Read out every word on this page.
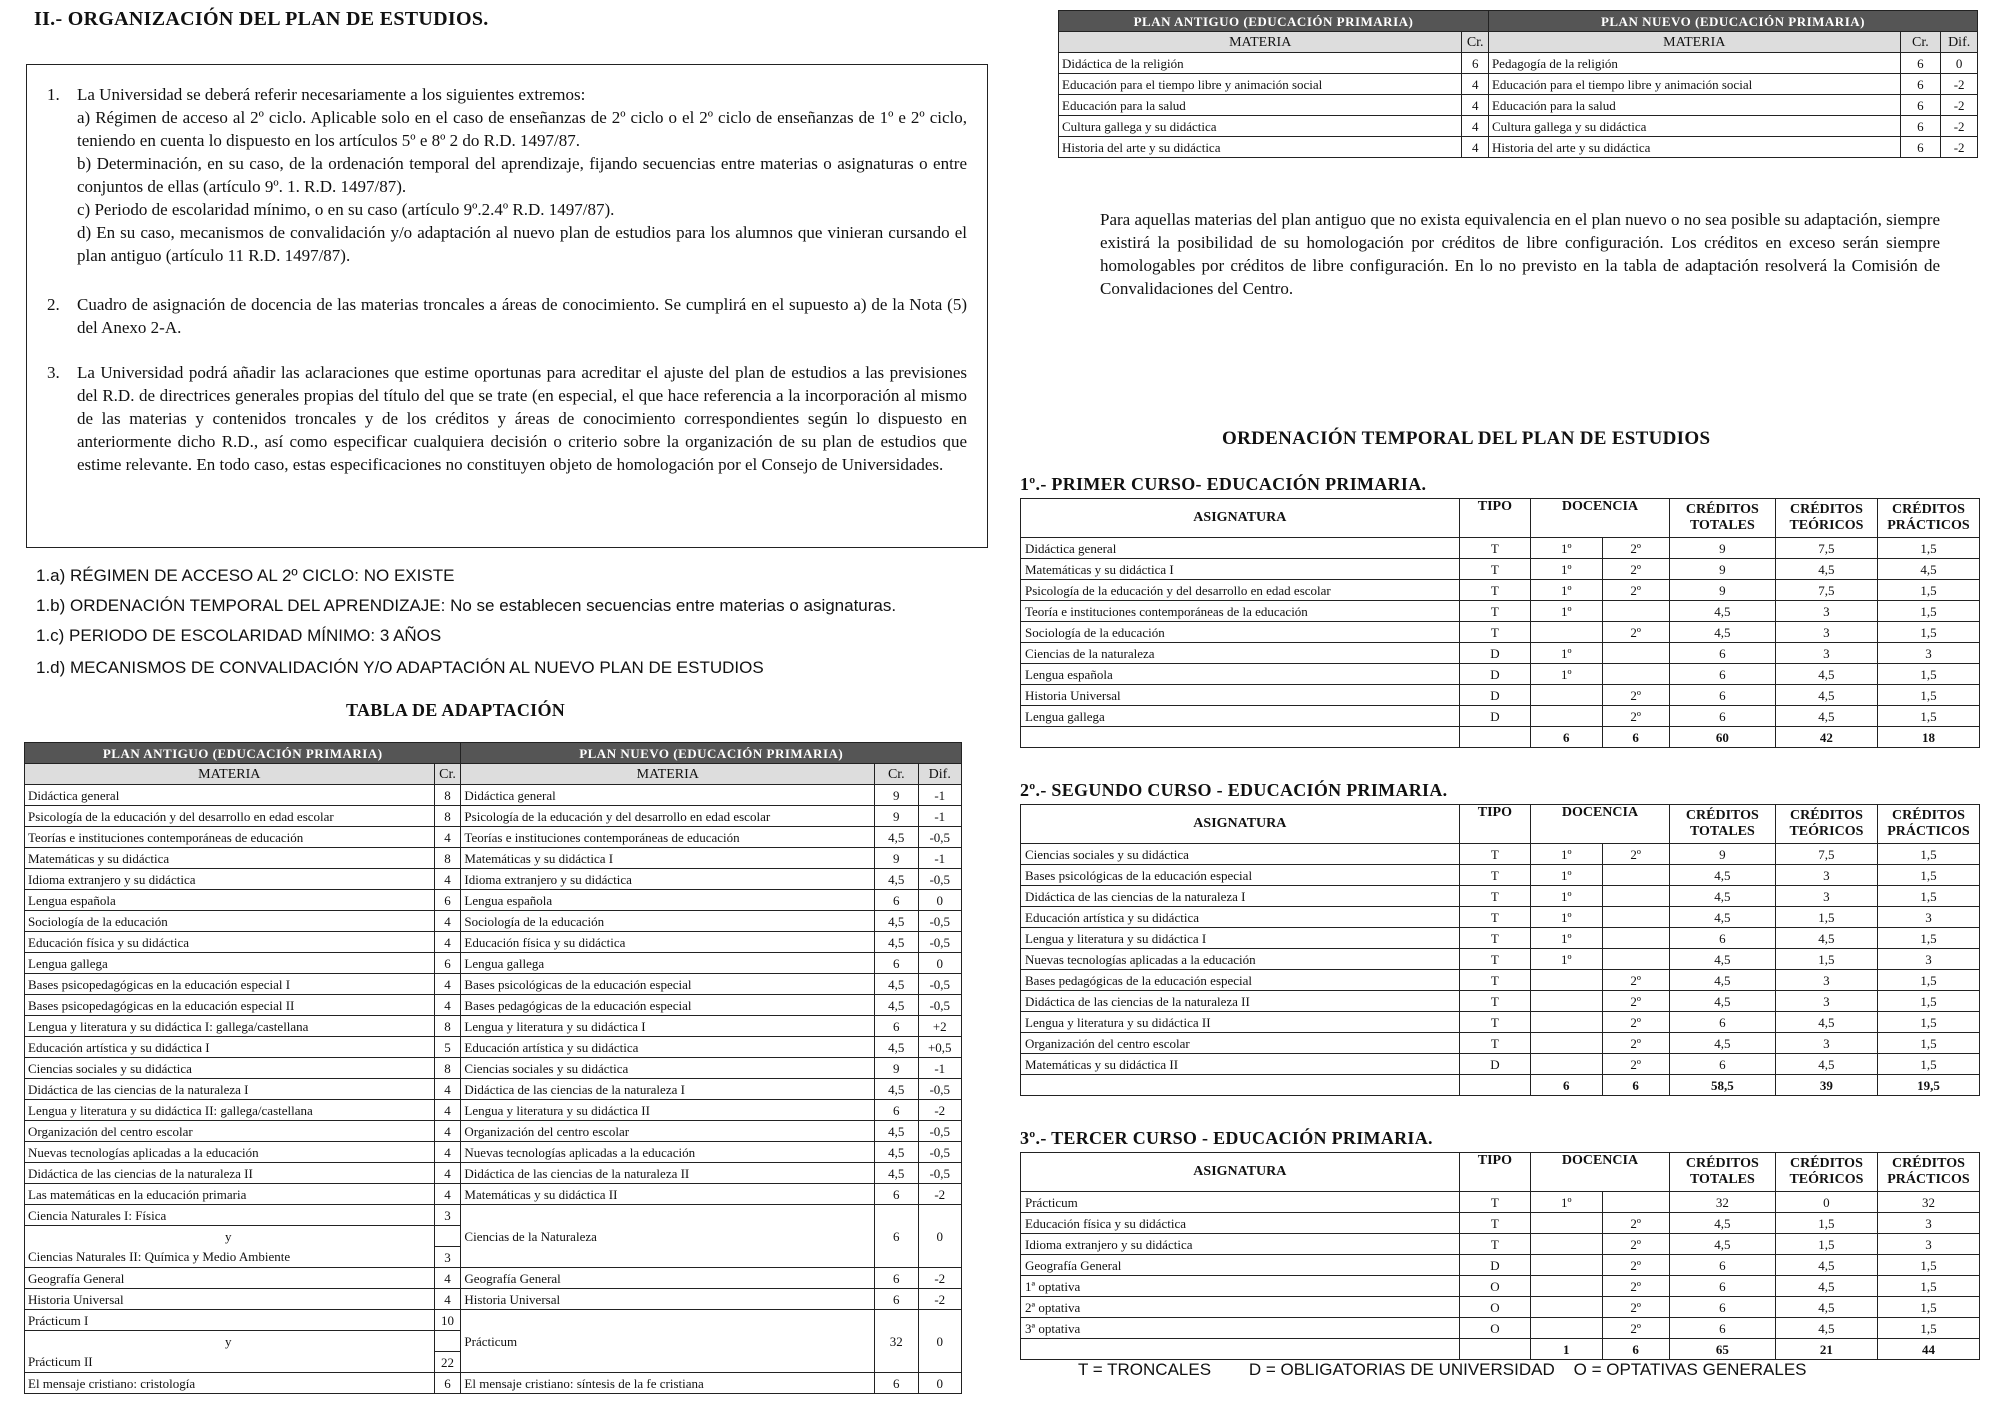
II.- ORGANIZACIÓN DEL PLAN DE ESTUDIOS.
1.	La Universidad se deberá referir necesariamente a los siguientes extremos:
a) Régimen de acceso al 2º ciclo. Aplicable solo en el caso de enseñanzas de 2º ciclo o el 2º ciclo de enseñanzas de 1º e 2º ciclo, teniendo en cuenta lo dispuesto en los artículos 5º e 8º 2 do R.D. 1497/87.
b) Determinación, en su caso, de la ordenación temporal del aprendizaje, fijando secuencias entre materias o asignaturas o entre conjuntos de ellas (artículo 9º. 1. R.D. 1497/87).
c) Periodo de escolaridad mínimo, o en su caso (artículo 9º.2.4º R.D. 1497/87).
d) En su caso, mecanismos de convalidación y/o adaptación al nuevo plan de estudios para los alumnos que vinieran cursando el plan antiguo (artículo 11 R.D. 1497/87).
2.	Cuadro de asignación de docencia de las materias troncales a áreas de conocimiento. Se cumplirá en el supuesto a) de la Nota (5) del Anexo 2-A.
3.	La Universidad podrá añadir las aclaraciones que estime oportunas para acreditar el ajuste del plan de estudios a las previsiones del R.D. de directrices generales propias del título del que se trate (en especial, el que hace referencia a la incorporación al mismo de las materias y contenidos troncales y de los créditos y áreas de conocimiento correspondientes según lo dispuesto en anteriormente dicho R.D., así como especificar cualquiera decisión o criterio sobre la organización de su plan de estudios que estime relevante. En todo caso, estas especificaciones no constituyen objeto de homologación por el Consejo de Universidades.
1.a) RÉGIMEN DE ACCESO AL 2º CICLO: NO EXISTE
1.b) ORDENACIÓN TEMPORAL DEL APRENDIZAJE: No se establecen secuencias entre materias o asignaturas.
1.c) PERIODO DE ESCOLARIDAD MÍNIMO: 3 AÑOS
1.d) MECANISMOS DE CONVALIDACIÓN Y/O ADAPTACIÓN AL NUEVO PLAN DE ESTUDIOS
TABLA DE ADAPTACIÓN
PLAN ANTIGUO (EDUCACIÓN PRIMARIA)		PLAN NUEVO (EDUCACIÓN PRIMARIA)		
MATERIA	Cr.	MATERIA	Cr.	Dif.
Didáctica general	8	Didáctica general	9	-1
Psicología de la educación y del desarrollo en edad escolar	8	Psicología de la educación y del desarrollo en edad escolar	9	-1
Teorías e instituciones contemporáneas de educación	4	Teorías e instituciones contemporáneas de educación	4,5	-0,5
Matemáticas y su didáctica	8	Matemáticas y su didáctica I	9	-1
Idioma extranjero y su didáctica	4	Idioma extranjero y su didáctica	4,5	-0,5
Lengua española	6	Lengua española	6	0
Sociología de la educación	4	Sociología de la educación	4,5	-0,5
Educación física y su didáctica	4	Educación física y su didáctica	4,5	-0,5
Lengua gallega	6	Lengua gallega	6	0
Bases psicopedagógicas en la educación especial I	4	Bases psicológicas de la educación especial	4,5	-0,5
Bases psicopedagógicas en la educación especial II	4	Bases pedagógicas de la educación especial	4,5	-0,5
Lengua y literatura y su didáctica I: gallega/castellana	8	Lengua y literatura y su didáctica I	6	+2
Educación artística y su didáctica I	5	Educación artística y su didáctica	4,5	+0,5
Ciencias sociales y su didáctica	8	Ciencias sociales y su didáctica	9	-1
Didáctica de las ciencias de la naturaleza I	4	Didáctica de las ciencias de la naturaleza I	4,5	-0,5
Lengua y literatura y su didáctica II: gallega/castellana	4	Lengua y literatura y su didáctica II	6	-2
Organización del centro escolar	4	Organización del centro escolar	4,5	-0,5
Nuevas tecnologías aplicadas a la educación	4	Nuevas tecnologías aplicadas a la educación	4,5	-0,5
Didáctica de las ciencias de la naturaleza II	4	Didáctica de las ciencias de la naturaleza II	4,5	-0,5
Las matemáticas en la educación primaria	4	Matemáticas y su didáctica II	6	-2
Ciencia Naturales I: Física	3	Ciencias de la Naturaleza	6	0
y				
Ciencias Naturales II: Química y Medio Ambiente	3			
Geografía General	4	Geografía General	6	-2
Historia Universal	4	Historia Universal	6	-2
Prácticum I	10	Prácticum	32	0
y				
Prácticum II	22			
El mensaje cristiano: cristología	6	El mensaje cristiano: síntesis de la fe cristiana	6	0
PLAN ANTIGUO (EDUCACIÓN PRIMARIA)		PLAN NUEVO (EDUCACIÓN PRIMARIA)		
MATERIA	Cr.	MATERIA	Cr.	Dif.
Didáctica de la religión	6	Pedagogía de la religión	6	0
Educación para el tiempo libre y animación social	4	Educación para el tiempo libre y animación social	6	-2
Educación para la salud	4	Educación para la salud	6	-2
Cultura gallega y su didáctica	4	Cultura gallega y su didáctica	6	-2
Historia del arte y su didáctica	4	Historia del arte y su didáctica	6	-2
Para aquellas materias del plan antiguo que no exista equivalencia en el plan nuevo o no sea posible su adaptación, siempre existirá la posibilidad de su homologación por créditos de libre configuración. Los créditos en exceso serán siempre homologables por créditos de libre configuración. En lo no previsto en la tabla de adaptación resolverá la Comisión de Convalidaciones del Centro.
ORDENACIÓN TEMPORAL DEL PLAN DE ESTUDIOS
1º.- PRIMER CURSO- EDUCACIÓN PRIMARIA.
ASIGNATURA	TIPO	DOCENCIA		CRÉDITOS TOTALES	CRÉDITOS TEÓRICOS	CRÉDITOS PRÁCTICOS
Didáctica general	T	1º	2º	9	7,5	1,5
Matemáticas y su didáctica I	T	1º	2º	9	4,5	4,5
Psicología de la educación y del desarrollo en edad escolar	T	1º	2º	9	7,5	1,5
Teoría e instituciones contemporáneas de la educación	T	1º		4,5	3	1,5
Sociología de la educación	T		2º	4,5	3	1,5
Ciencias de la naturaleza	D	1º		6	3	3
Lengua española	D	1º		6	4,5	1,5
Historia Universal	D		2º	6	4,5	1,5
Lengua gallega	D		2º	6	4,5	1,5
		6	6	60	42	18
2º.- SEGUNDO CURSO - EDUCACIÓN PRIMARIA.
ASIGNATURA	TIPO	DOCENCIA		CRÉDITOS TOTALES	CRÉDITOS TEÓRICOS	CRÉDITOS PRÁCTICOS
Ciencias sociales y su didáctica	T	1º	2º	9	7,5	1,5
Bases psicológicas de la educación especial	T	1º		4,5	3	1,5
Didáctica de las ciencias de la naturaleza I	T	1º		4,5	3	1,5
Educación artística y su didáctica	T	1º		4,5	1,5	3
Lengua y literatura y su didáctica I	T	1º		6	4,5	1,5
Nuevas tecnologías aplicadas a la educación	T	1º		4,5	1,5	3
Bases pedagógicas de la educación especial	T		2º	4,5	3	1,5
Didáctica de las ciencias de la naturaleza II	T		2º	4,5	3	1,5
Lengua y literatura y su didáctica II	T		2º	6	4,5	1,5
Organización del centro escolar	T		2º	4,5	3	1,5
Matemáticas y su didáctica II	D		2º	6	4,5	1,5
		6	6	58,5	39	19,5
3º.- TERCER CURSO - EDUCACIÓN PRIMARIA.
ASIGNATURA	TIPO	DOCENCIA		CRÉDITOS TOTALES	CRÉDITOS TEÓRICOS	CRÉDITOS PRÁCTICOS
Prácticum	T	1º		32	0	32
Educación física y su didáctica	T		2º	4,5	1,5	3
Idioma extranjero y su didáctica	T		2º	4,5	1,5	3
Geografía General	D		2º	6	4,5	1,5
1ª optativa	O		2º	6	4,5	1,5
2ª optativa	O		2º	6	4,5	1,5
3ª optativa	O		2º	6	4,5	1,5
		1	6	65	21	44
T = TRONCALES        D = OBLIGATORIAS DE UNIVERSIDAD    O = OPTATIVAS GENERALES
